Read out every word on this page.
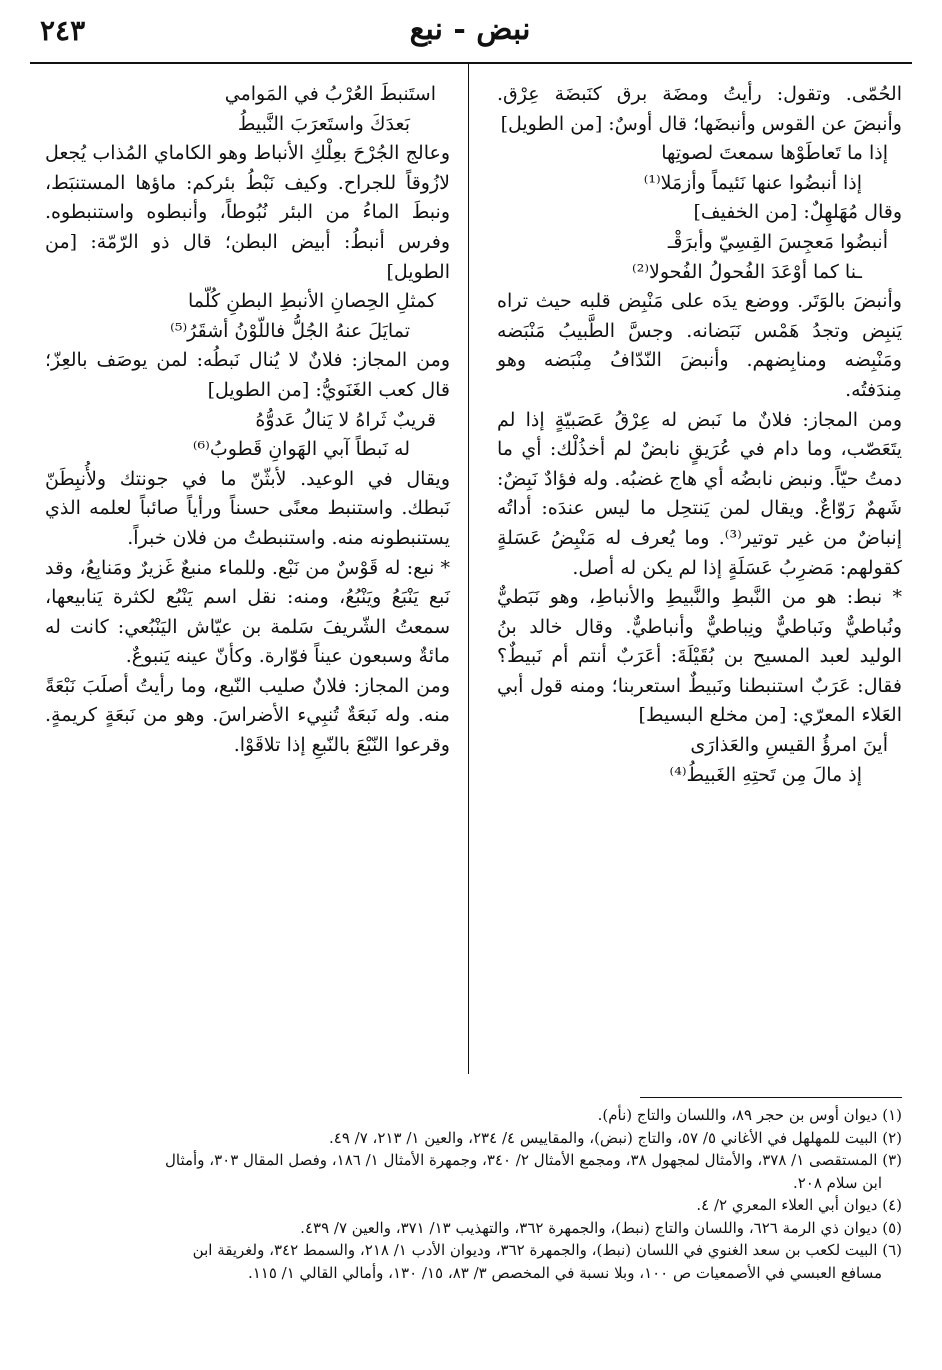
٢٤٣	نبض - نبع

الحُمّى. وتقول: رأيتُ ومضَة برق كنَبضَة عِرْق. وأنبضَ عن القوس وأنبضَها؛ قال أوسٌ: [من الطويل]

إذا ما تَعاطَوْها سمعتَ لصوتِها
إذا أنبضُوا عنها نَئيماً وأزمَلا⁽¹⁾

وقال مُهَلهِلٌ: [من الخفيف]

أنبضُوا مَعجِسَ القِسِيّ وأبرَقْـ
ـنا كما أوْعَدَ الفُحولُ الفُحولا⁽²⁾

وأنبضَ بالوَتَر. ووضع يدَه على مَنْبِض قلبه حيث تراه يَنبِض وتجدُ هَمْس نَبَضانه. وجسَّ الطَّبيبُ مَنْبَضه ومَنْبِضه ومنابِضهم. وأنبضَ النّدّافُ مِنْبَضه وهو مِندَفتُه.

ومن المجاز: فلانٌ ما نَبض له عِرْقُ عَصَبيّةٍ إذا لم يتَعَصّب، وما دام في عُرَيقٍ نابضٌ لم أخذُلْك: أي ما دمتُ حيّاً. ونبض نابضُه أي هاج غضبُه. وله فؤادٌ نَبِضٌ: شَهمٌ رَوّاعٌ. ويقال لمن يَنتحِل ما ليس عندَه: أداتُه إنباضٌ من غير توتير⁽³⁾. وما يُعرف له مَنْبِضُ عَسَلةٍ كقولهم: مَضرِبُ عَسَلَةٍ إذا لم يكن له أصل.

* نبط: هو من النَّبطِ والنَّبيطِ والأنباطِ، وهو نَبَطيٌّ ونُباطيٌّ ونَباطيٌّ ونِباطيٌّ وأنباطيٌّ. وقال خالد بنُ الوليد لعبد المسيح بن بُقَيْلَةَ: أعَرَبٌ أنتم أم نَبيطٌ؟ فقال: عَرَبٌ استنبطنا ونَبيطٌ استعربنا؛ ومنه قول أبي العَلاء المعرّي: [من مخلع البسيط]

أينَ امرؤُ القيسِ والعَذارَى
إذ مالَ مِن تَحتِهِ الغَبيطُ⁽⁴⁾
استَنبطَ العُرْبُ في المَوامي
بَعدَكَ واستَعرَبَ النَّبيطُ

وعالج الجُرْحَ بعِلْكِ الأنباط وهو الكاماي المُذاب يُجعل لازُوقاً للجراح. وكيف نَبْطُ بئركم: ماؤها المستنبَط، ونبطَ الماءُ من البئر نُبُوطاً، وأنبطوه واستنبطوه. وفرس أنبطُ: أبيض البطن؛ قال ذو الرّمّة: [من الطويل]

كمثلِ الحِصانِ الأنبطِ البطنِ كُلّما
تمايَلَ عنهُ الجُلُّ فاللّوْنُ أشقَرُ⁽⁵⁾

ومن المجاز: فلانٌ لا يُنال نَبطُه: لمن يوصَف بالعِزّ؛ قال كعب الغَنَويُّ: [من الطويل]

قريبٌ ثَراهُ لا يَنالُ عَدوُّهُ
له نَبطاً آبي الهَوانِ قَطوبُ⁽⁶⁾

ويقال في الوعيد. لأبثّنّ ما في جونتك ولأُنبِطَنّ نَبطك. واستنبط معنًى حسناً ورأياً صائباً لعلمه الذي يستنبطونه منه. واستنبطتُ من فلان خبراً.

* نبع: له قَوْسٌ من نَبْع. وللماء منبعٌ غَزيرٌ ومَنابِعُ، وقد نَبع يَنْبَعُ ويَنْبُعُ، ومنه: نقل اسم يَنْبُع لكثرة يَنابيعها، سمعتُ الشّريفَ سَلمة بن عيّاش اليَنْبُعي: كانت له مائةٌ وسبعون عيناً فوّارة. وكأنّ عينه يَنبوعٌ.

ومن المجاز: فلانٌ صليب النّبع، وما رأيتُ أصلَبَ نَبْعَةً منه. وله نَبعَةٌ تُنبِيء الأضراسَ. وهو من نَبعَةٍ كريمةٍ. وقرعوا النّبْعَ بالنّبعِ إذا تلاقَوْا.

(١) ديوان أوس بن حجر ٨٩، واللسان والتاج (نأم).
(٢) البيت للمهلهل في الأغاني ٥/ ٥٧، والتاج (نبض)، والمقاييس ٤/ ٢٣٤، والعين ١/ ٢١٣، ٧/ ٤٩.
(٣) المستقصى ١/ ٣٧٨، والأمثال لمجهول ٣٨، ومجمع الأمثال ٢/ ٣٤٠، وجمهرة الأمثال ١/ ١٨٦، وفصل المقال ٣٠٣، وأمثال
ابن سلام ٢٠٨.
(٤) ديوان أبي العلاء المعري ٢/ ٤.
(٥) ديوان ذي الرمة ٦٢٦، واللسان والتاج (نبط)، والجمهرة ٣٦٢، والتهذيب ١٣/ ٣٧١، والعين ٧/ ٤٣٩.
(٦) البيت لكعب بن سعد الغنوي في اللسان (نبط)، والجمهرة ٣٦٢، وديوان الأدب ١/ ٢١٨، والسمط ٣٤٢، ولغريقة ابن
مسافع العبسي في الأصمعيات ص ١٠٠، وبلا نسبة في المخصص ٣/ ٨٣، ١٥/ ١٣٠، وأمالي القالي ١/ ١١٥.
